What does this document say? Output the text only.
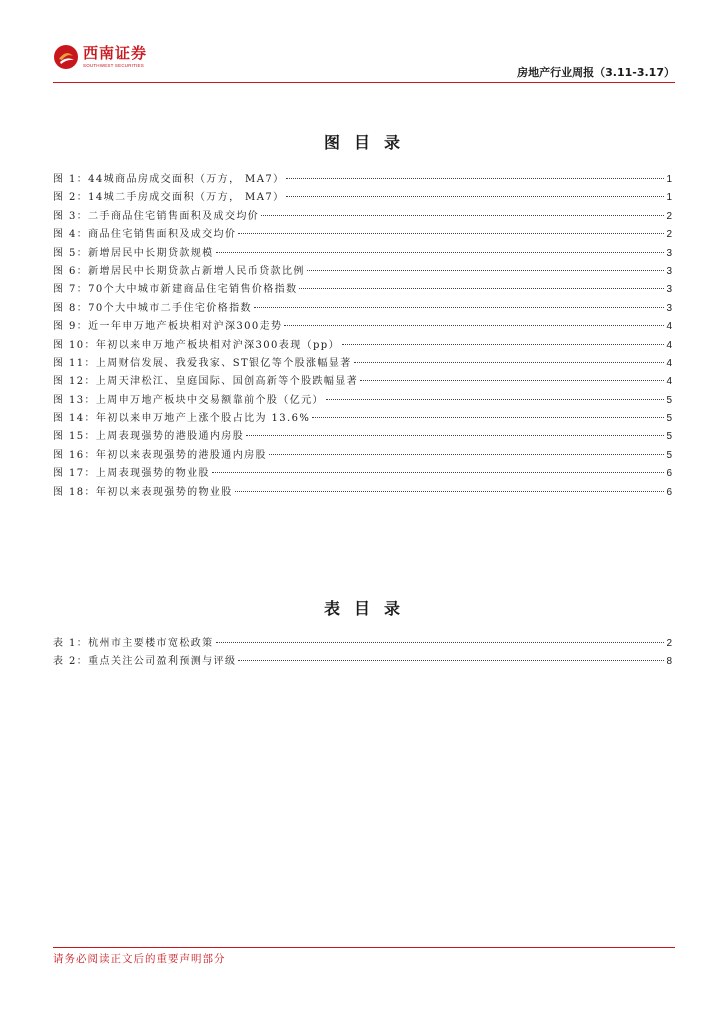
西南证券
SOUTHWEST SECURITIES
房地产行业周报（3.11-3.17）
图目录
图 1： 44城商品房成交面积（万方， MA7）	1
图 2： 14城二手房成交面积（万方， MA7）	1
图 3： 二手商品住宅销售面积及成交均价	2
图 4： 商品住宅销售面积及成交均价	2
图 5： 新增居民中长期贷款规模	3
图 6： 新增居民中长期贷款占新增人民币贷款比例	3
图 7： 70个大中城市新建商品住宅销售价格指数	3
图 8： 70个大中城市二手住宅价格指数	3
图 9： 近一年申万地产板块相对沪深300走势	4
图 10： 年初以来申万地产板块相对沪深300表现（pp）	4
图 11： 上周财信发展、我爱我家、ST银亿等个股涨幅显著	4
图 12： 上周天津松江、皇庭国际、国创高新等个股跌幅显著	4
图 13： 上周申万地产板块中交易额靠前个股（亿元）	5
图 14： 年初以来申万地产上涨个股占比为 13.6%	5
图 15： 上周表现强势的港股通内房股	5
图 16： 年初以来表现强势的港股通内房股	5
图 17： 上周表现强势的物业股	6
图 18： 年初以来表现强势的物业股	6
表目录
表 1： 杭州市主要楼市宽松政策	2
表 2： 重点关注公司盈利预测与评级	8
请务必阅读正文后的重要声明部分
